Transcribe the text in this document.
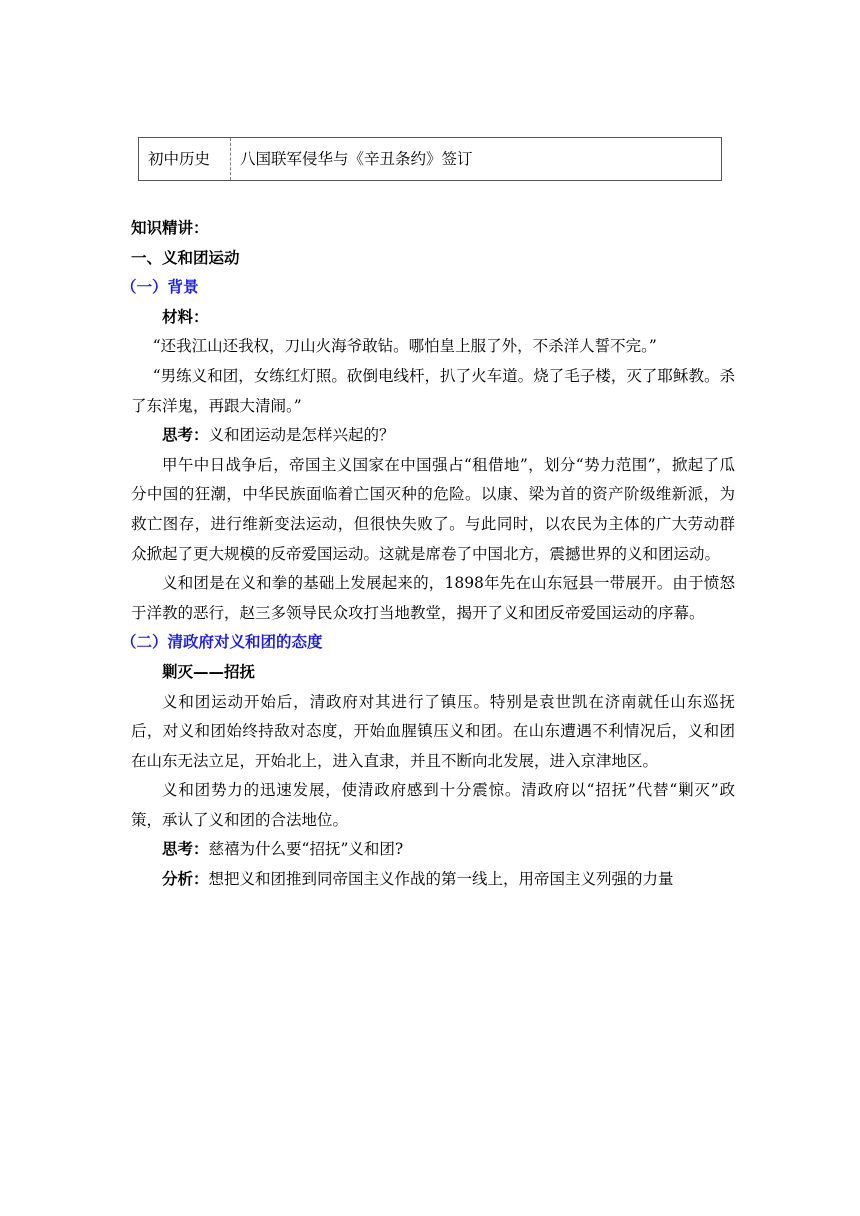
初中历史	八国联军侵华与《辛丑条约》签订

知识精讲：

一、义和团运动

（一）背景

材料：

“还我江山还我权，刀山火海爷敢钻。哪怕皇上服了外，不杀洋人誓不完。”

“男练义和团，女练红灯照。砍倒电线杆，扒了火车道。烧了毛子楼，灭了耶稣教。杀了东洋鬼，再跟大清闹。”

思考：义和团运动是怎样兴起的？

甲午中日战争后，帝国主义国家在中国强占“租借地”，划分“势力范围”，掀起了瓜分中国的狂潮，中华民族面临着亡国灭种的危险。以康、梁为首的资产阶级维新派，为救亡图存，进行维新变法运动，但很快失败了。与此同时，以农民为主体的广大劳动群众掀起了更大规模的反帝爱国运动。这就是席卷了中国北方，震撼世界的义和团运动。

义和团是在义和拳的基础上发展起来的，1898年先在山东冠县一带展开。由于愤怒于洋教的恶行，赵三多领导民众攻打当地教堂，揭开了义和团反帝爱国运动的序幕。

（二）清政府对义和团的态度

剿灭——招抚

义和团运动开始后，清政府对其进行了镇压。特别是袁世凯在济南就任山东巡抚后，对义和团始终持敌对态度，开始血腥镇压义和团。在山东遭遇不利情况后，义和团在山东无法立足，开始北上，进入直隶，并且不断向北发展，进入京津地区。

义和团势力的迅速发展，使清政府感到十分震惊。清政府以“招抚”代替“剿灭”政策，承认了义和团的合法地位。

思考：慈禧为什么要“招抚”义和团?

分析：想把义和团推到同帝国主义作战的第一线上，用帝国主义列强的力量
